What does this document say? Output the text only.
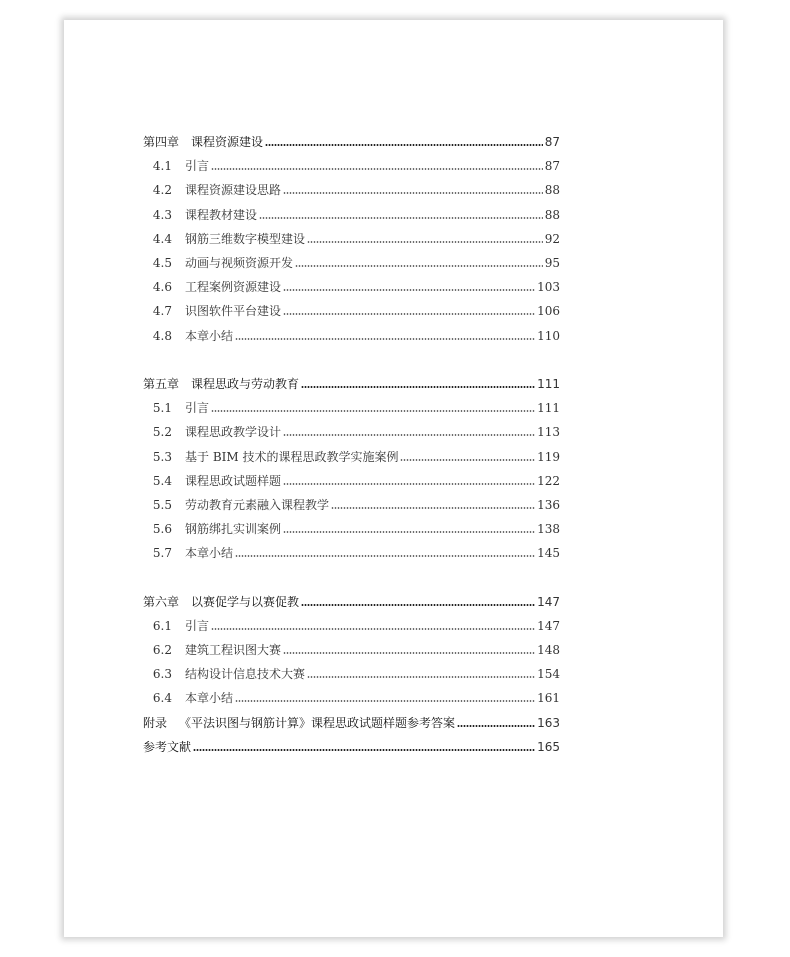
第四章 课程资源建设	87
4.1 引言	87
4.2 课程资源建设思路	88
4.3 课程教材建设	88
4.4 钢筋三维数字模型建设	92
4.5 动画与视频资源开发	95
4.6 工程案例资源建设	103
4.7 识图软件平台建设	106
4.8 本章小结	110
第五章 课程思政与劳动教育	111
5.1 引言	111
5.2 课程思政教学设计	113
5.3 基于 BIM 技术的课程思政教学实施案例	119
5.4 课程思政试题样题	122
5.5 劳动教育元素融入课程教学	136
5.6 钢筋绑扎实训案例	138
5.7 本章小结	145
第六章 以赛促学与以赛促教	147
6.1 引言	147
6.2 建筑工程识图大赛	148
6.3 结构设计信息技术大赛	154
6.4 本章小结	161
附录 《平法识图与钢筋计算》课程思政试题样题参考答案	163
参考文献	165
